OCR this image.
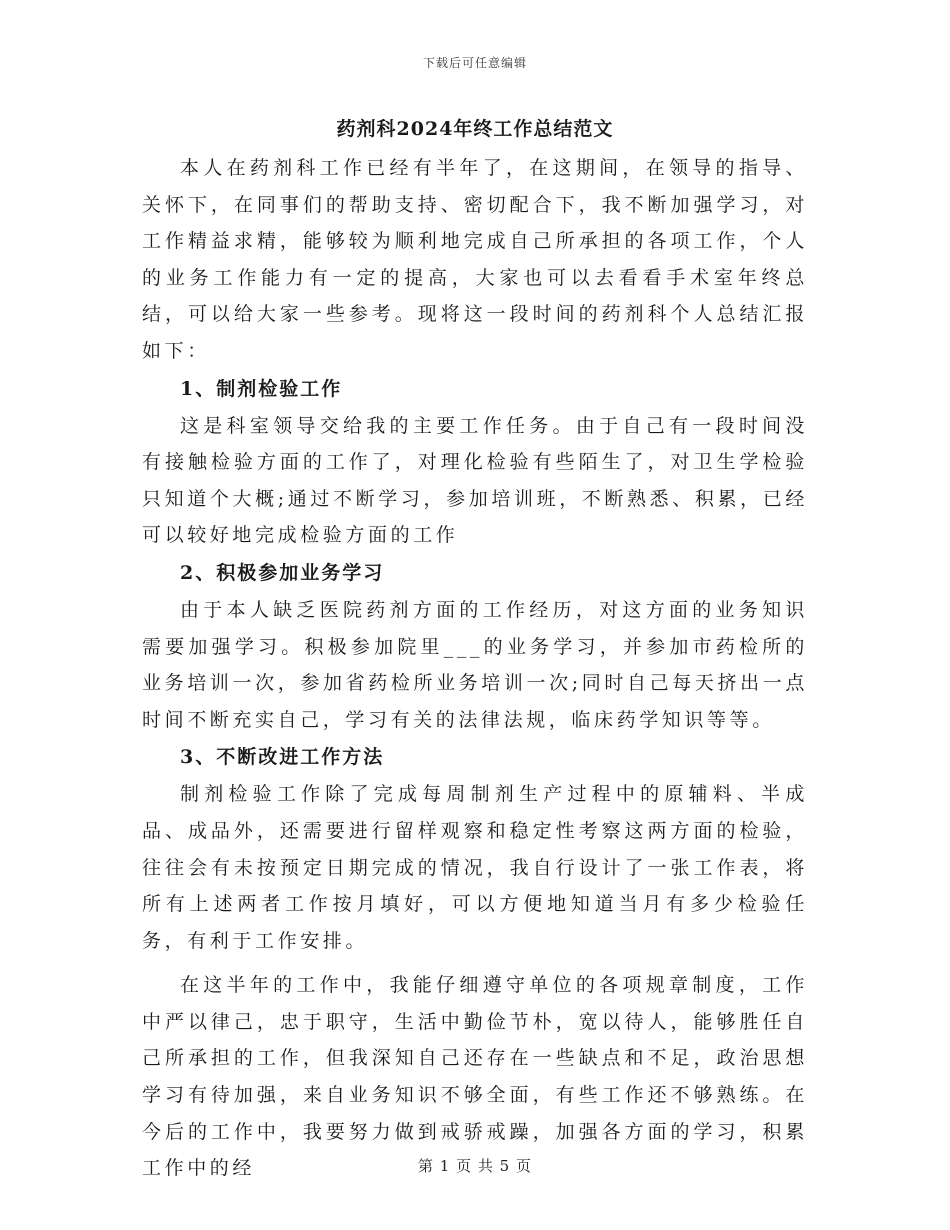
下载后可任意编辑
药剂科2024年终工作总结范文

本人在药剂科工作已经有半年了，在这期间，在领导的指导、关怀下，在同事们的帮助支持、密切配合下，我不断加强学习，对工作精益求精，能够较为顺利地完成自己所承担的各项工作，个人的业务工作能力有一定的提高，大家也可以去看看手术室年终总结，可以给大家一些参考。现将这一段时间的药剂科个人总结汇报如下：

1、制剂检验工作

这是科室领导交给我的主要工作任务。由于自己有一段时间没有接触检验方面的工作了，对理化检验有些陌生了，对卫生学检验只知道个大概;通过不断学习，参加培训班，不断熟悉、积累，已经可以较好地完成检验方面的工作

2、积极参加业务学习

由于本人缺乏医院药剂方面的工作经历，对这方面的业务知识需要加强学习。积极参加院里___的业务学习，并参加市药检所的业务培训一次，参加省药检所业务培训一次;同时自己每天挤出一点时间不断充实自己，学习有关的法律法规，临床药学知识等等。

3、不断改进工作方法

制剂检验工作除了完成每周制剂生产过程中的原辅料、半成品、成品外，还需要进行留样观察和稳定性考察这两方面的检验，往往会有未按预定日期完成的情况，我自行设计了一张工作表，将所有上述两者工作按月填好，可以方便地知道当月有多少检验任务，有利于工作安排。

在这半年的工作中，我能仔细遵守单位的各项规章制度，工作中严以律己，忠于职守，生活中勤俭节朴，宽以待人，能够胜任自己所承担的工作，但我深知自己还存在一些缺点和不足，政治思想学习有待加强，来自业务知识不够全面，有些工作还不够熟练。在今后的工作中，我要努力做到戒骄戒躁，加强各方面的学习，积累工作中的经	第 1 页 共 5 页
